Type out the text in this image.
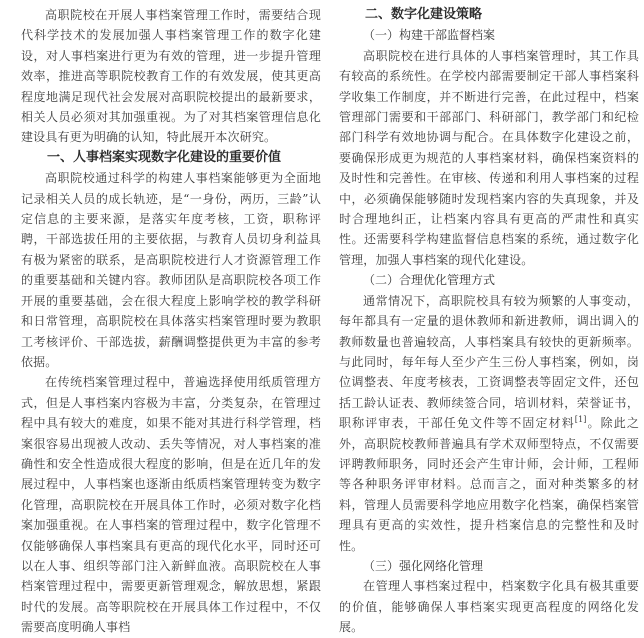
高职院校在开展人事档案管理工作时，需要结合现代科学技术的发展加强人事档案管理工作的数字化建设，对人事档案进行更为有效的管理，进一步提升管理效率，推进高等职院校教育工作的有效发展，使其更高程度地满足现代社会发展对高职院校提出的最新要求，相关人员必须对其加强重视。为了对其档案管理信息化建设具有更为明确的认知，特此展开本次研究。

一、人事档案实现数字化建设的重要价值

高职院校通过科学的构建人事档案能够更为全面地记录相关人员的成长轨迹，是“一身份，两历，三龄”认定信息的主要来源，是落实年度考核，工资，职称评聘，干部选拔任用的主要依据，与教育人员切身利益具有极为紧密的联系，是高职院校进行人才资源管理工作的重要基础和关键内容。教师团队是高职院校各项工作开展的重要基础，会在很大程度上影响学校的教学科研和日常管理，高职院校在具体落实档案管理时要为教职工考核评价、干部选拔，薪酬调整提供更为丰富的参考依据。

在传统档案管理过程中，普遍选择使用纸质管理方式，但是人事档案内容极为丰富，分类复杂，在管理过程中具有较大的难度，如果不能对其进行科学管理，档案很容易出现被人改动、丢失等情况，对人事档案的准确性和安全性造成很大程度的影响，但是在近几年的发展过程中，人事档案也逐渐由纸质档案管理转变为数字化管理，高职院校在开展具体工作时，必须对数字化档案加强重视。在人事档案的管理过程中，数字化管理不仅能够确保人事档案具有更高的现代化水平，同时还可以在人事、组织等部门注入新鲜血液。高职院校在人事档案管理过程中，需要更新管理观念，解放思想，紧跟时代的发展。高等职院校在开展具体工作过程中，不仅需要高度明确人事档

二、数字化建设策略
（一）构建干部监督档案

高职院校在进行具体的人事档案管理时，其工作具有较高的系统性。在学校内部需要制定干部人事档案科学收集工作制度，并不断进行完善，在此过程中，档案管理部门需要和干部部门、科研部门，教学部门和纪检部门科学有效地协调与配合。在具体数字化建设之前，要确保形成更为规范的人事档案材料，确保档案资料的及时性和完善性。在审核、传递和利用人事档案的过程中，必须确保能够随时发现档案内容的失真现象，并及时合理地纠正，让档案内容具有更高的严肃性和真实性。还需要科学构建监督信息档案的系统，通过数字化管理，加强人事档案的现代化建设。

（二）合理优化管理方式

通常情况下，高职院校具有较为频繁的人事变动，每年都具有一定量的退休教师和新进教师，调出调入的教师数量也普遍较高，人事档案具有较快的更新频率。与此同时，每年每人至少产生三份人事档案，例如，岗位调整表、年度考核表，工资调整表等固定文件，还包括工龄认证表、教师续签合同，培训材料，荣誉证书，职称评审表，干部任免文件等不固定材料[1]。除此之外，高职院校教师普遍具有学术双师型特点，不仅需要评聘教师职务，同时还会产生审计师，会计师，工程师等各种职务评审材料。总而言之，面对种类繁多的材料，管理人员需要科学地应用数字化档案，确保档案管理具有更高的实效性，提升档案信息的完整性和及时性。

（三）强化网络化管理

在管理人事档案过程中，档案数字化具有极其重要的价值，能够确保人事档案实现更高程度的网络化发展。
